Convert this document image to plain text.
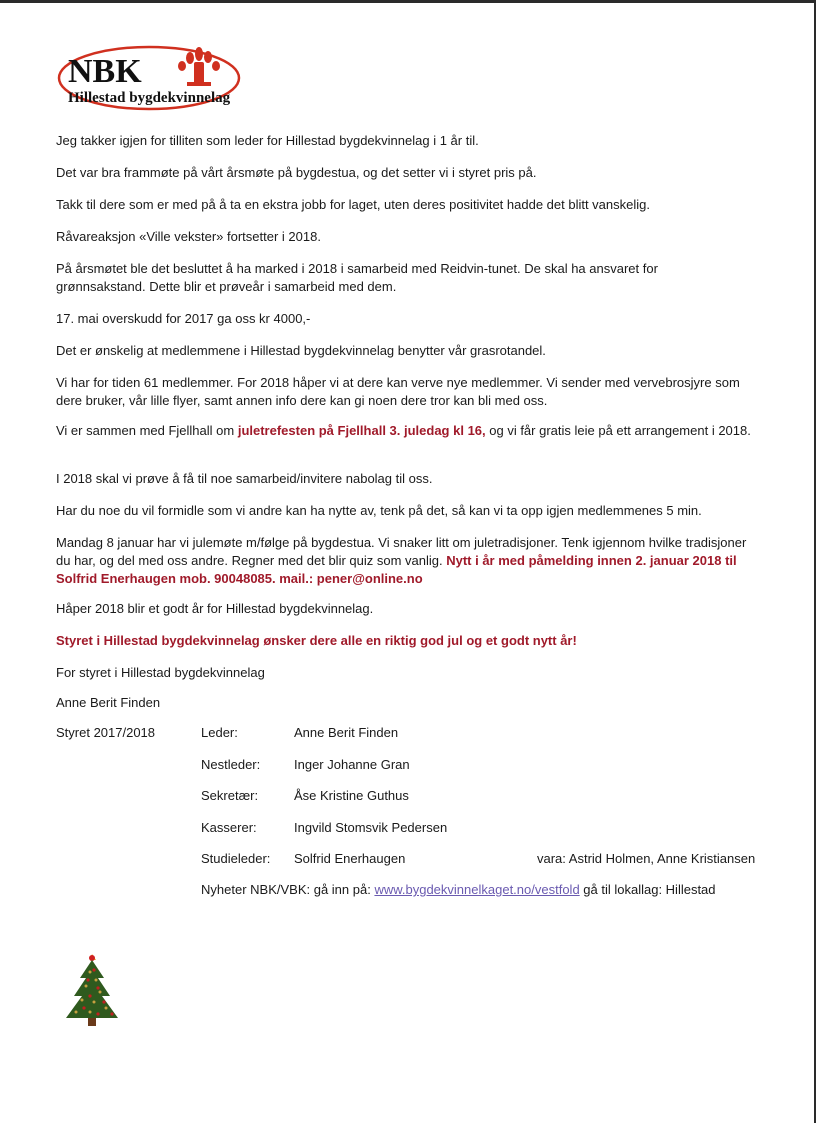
NBK
Hillestad bygdekvinnelag

Jeg takker igjen for tilliten som leder for Hillestad bygdekvinnelag i 1 år til.

Det var bra frammøte på vårt årsmøte på bygdestua, og det setter vi i styret pris på.

Takk til dere som er med på å ta en ekstra jobb for laget, uten deres positivitet hadde det blitt vanskelig.

Råvareaksjon «Ville vekster» fortsetter i 2018.

På årsmøtet ble det besluttet å ha marked i 2018 i samarbeid med Reidvin-tunet. De skal ha ansvaret for grønnsakstand. Dette blir et prøveår i samarbeid med dem.

17. mai overskudd for 2017 ga oss kr 4000,-

Det er ønskelig at medlemmene i Hillestad bygdekvinnelag benytter vår grasrotandel.

Vi har for tiden 61 medlemmer. For 2018 håper vi at dere kan verve nye medlemmer. Vi sender med vervebrosjyre som dere bruker, vår lille flyer, samt annen info dere kan gi noen dere tror kan bli med oss.

Vi er sammen med Fjellhall om juletrefesten på Fjellhall 3. juledag kl 16, og vi får gratis leie på ett arrangement i 2018.

I 2018 skal vi prøve å få til noe samarbeid/invitere nabolag til oss.

Har du noe du vil formidle som vi andre kan ha nytte av, tenk på det, så kan vi ta opp igjen medlemmenes 5 min.

Mandag 8 januar har vi julemøte m/følge på bygdestua. Vi snaker litt om juletradisjoner. Tenk igjennom hvilke tradisjoner du har, og del med oss andre. Regner med det blir quiz som vanlig. Nytt i år med påmelding innen 2. januar 2018 til Solfrid Enerhaugen mob. 90048085. mail.: pener@online.no

Håper 2018 blir et godt år for Hillestad bygdekvinnelag.

Styret i Hillestad bygdekvinnelag ønsker dere alle en riktig god jul og et godt nytt år!

For styret i Hillestad bygdekvinnelag

Anne Berit Finden

Styret 2017/2018	Leder:	Anne Berit Finden
Nestleder:	Inger Johanne Gran
Sekretær:	Åse Kristine Guthus
Kasserer:	Ingvild Stomsvik Pedersen
Studieleder: Solfrid Enerhaugen	vara: Astrid Holmen, Anne Kristiansen
Nyheter NBK/VBK: gå inn på: www.bygdekvinnelkaget.no/vestfold gå til lokallag: Hillestad
